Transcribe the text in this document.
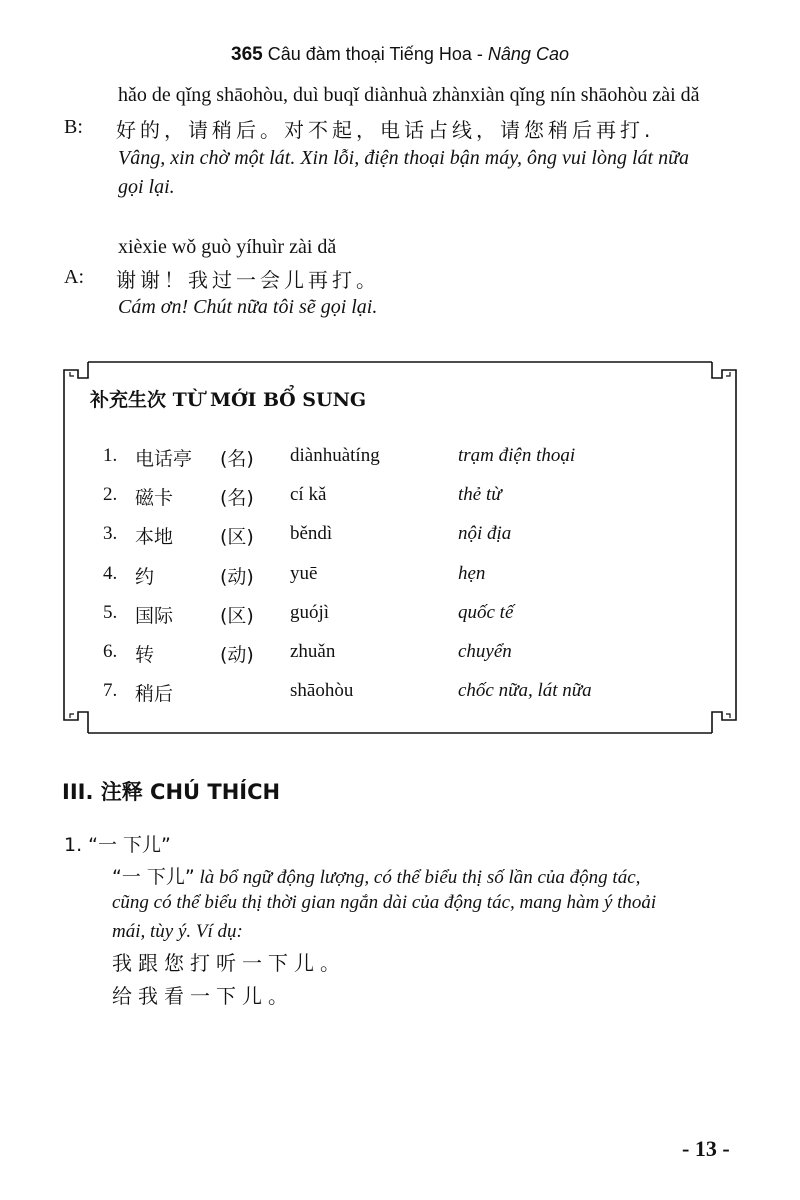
365 Câu đàm thoại Tiếng Hoa - Nâng Cao
hǎo de qǐng shāohòu, duì buqǐ diànhuà zhànxiàn qǐng nín shāohòu zài dǎ
B: 好的，请稍后。对不起，电话占线，请您稍后再打.
Vâng, xin chờ một lát. Xin lỗi, điện thoại bận máy, ông vui lòng lát nữa
gọi lại.
xièxie wǒ guò yíhuìr zài dǎ
A: 谢谢！我过一会儿再打。
Cám ơn! Chút nữa tôi sẽ gọi lại.
补充生次 TỪ MỚI BỔ SUNG
1. 电话亭 (名) diànhuàtíng	trạm điện thoại
2. 磁卡 (名) cí kǎ	thẻ từ
3. 本地 (区) běndì	nội địa
4. 约	(动) yuē	hẹn
5. 国际 (区) guójì	quốc tế
6. 转	(动) zhuǎn	chuyển
7. 稍后	shāohòu	chốc nữa, lát nữa
III. 注释 CHÚ THÍCH
1. “一 下儿”
“一 下儿” là bổ ngữ động lượng, có thể biểu thị số lần của động tác,
cũng có thể biểu thị thời gian ngắn dài của động tác, mang hàm ý thoải
mái, tùy ý. Ví dụ:
我跟您打听一下儿。
给我看一下儿。
- 13 -
